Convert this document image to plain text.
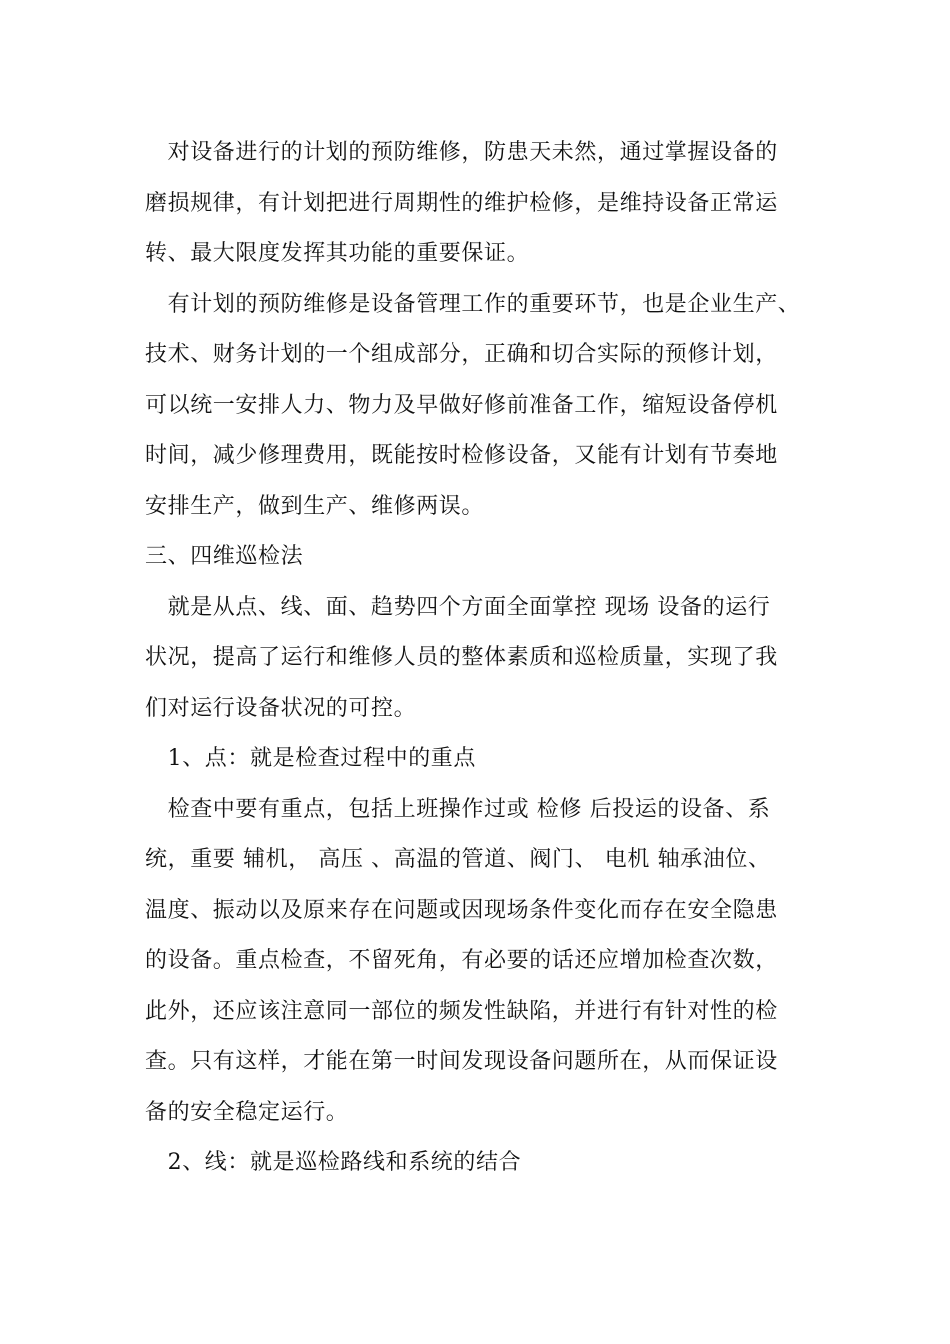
　对设备进行的计划的预防维修，防患天未然，通过掌握设备的

磨损规律，有计划把进行周期性的维护检修，是维持设备正常运

转、最大限度发挥其功能的重要保证。

　有计划的预防维修是设备管理工作的重要环节，也是企业生产、

技术、财务计划的一个组成部分，正确和切合实际的预修计划，

可以统一安排人力、物力及早做好修前准备工作，缩短设备停机

时间，减少修理费用，既能按时检修设备，又能有计划有节奏地

安排生产，做到生产、维修两误。

三、四维巡检法

　就是从点、线、面、趋势四个方面全面掌控 现场 设备的运行

状况，提高了运行和维修人员的整体素质和巡检质量，实现了我

们对运行设备状况的可控。

　1、点：就是检查过程中的重点

　检查中要有重点，包括上班操作过或 检修 后投运的设备、系

统，重要 辅机， 高压 、高温的管道、阀门、 电机 轴承油位、

温度、振动以及原来存在问题或因现场条件变化而存在安全隐患

的设备。重点检查，不留死角，有必要的话还应增加检查次数，

此外，还应该注意同一部位的频发性缺陷，并进行有针对性的检

查。只有这样，才能在第一时间发现设备问题所在，从而保证设

备的安全稳定运行。

　2、线：就是巡检路线和系统的结合
